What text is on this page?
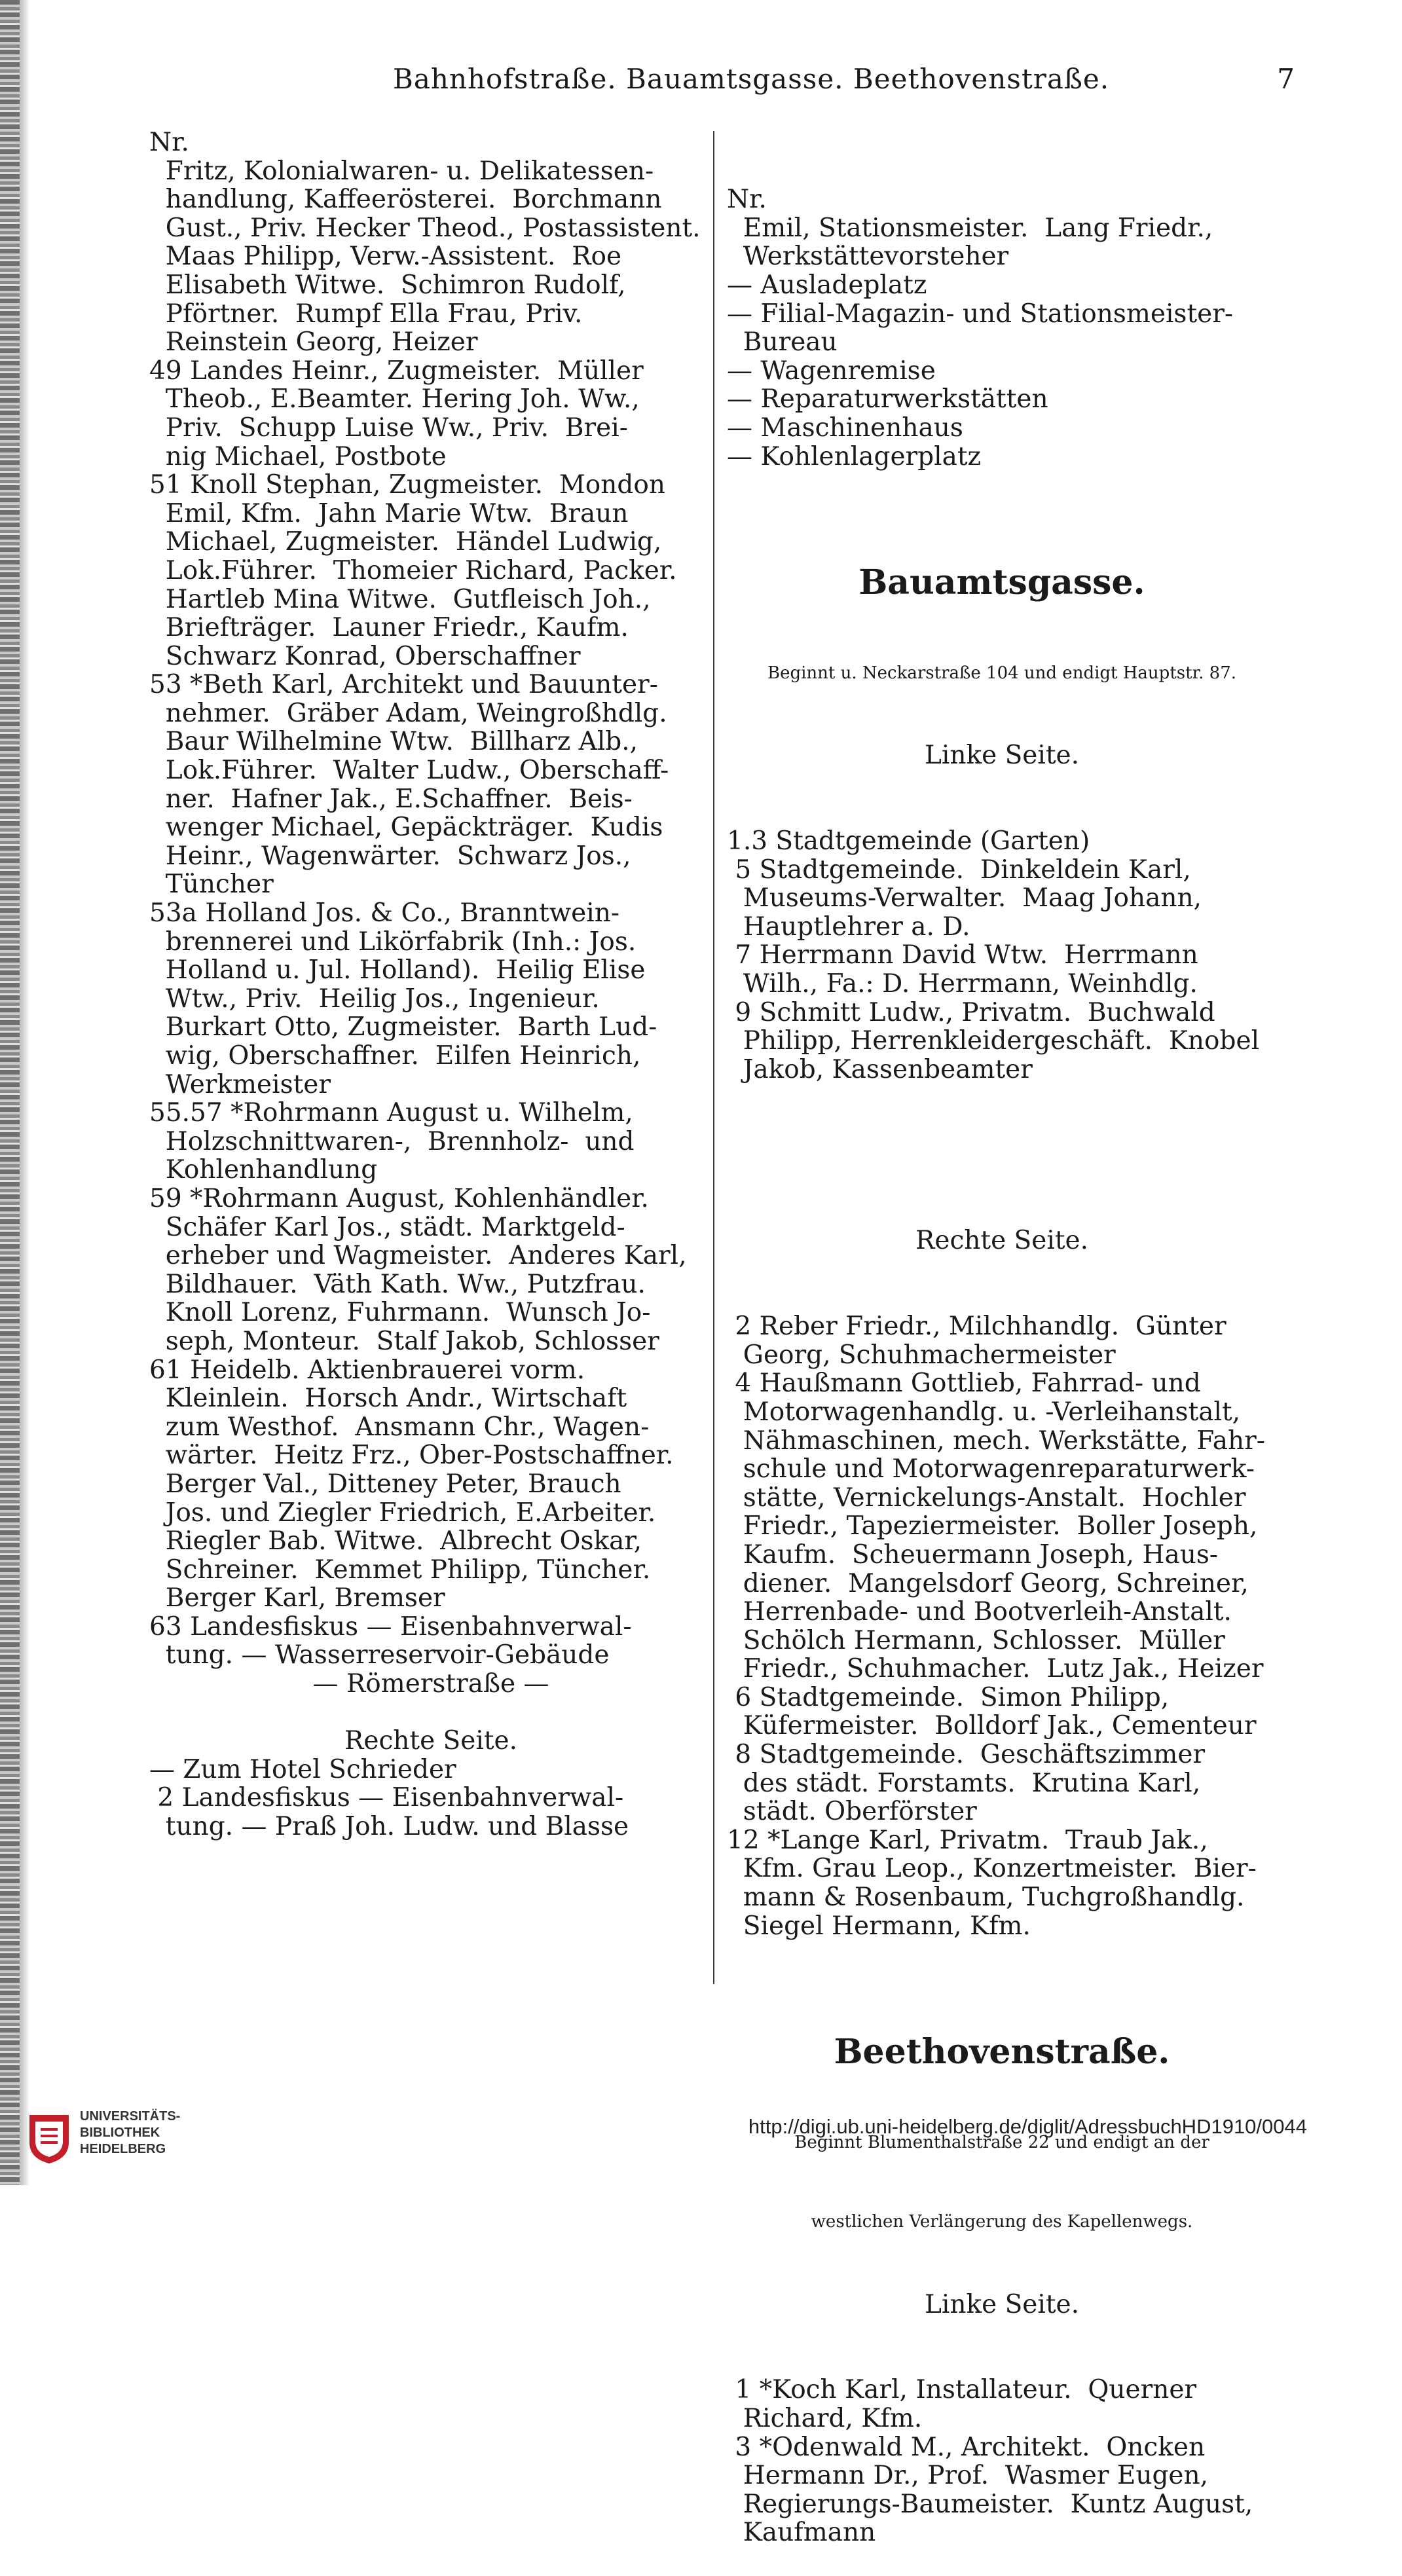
Bahnhofstraße. Bauamtsgasse. Beethovenstraße.	7
Nr.
Fritz, Kolonialwaren- u. Delikatessen-
handlung, Kaffeerösterei.  Borchmann
Gust., Priv. Hecker Theod., Postassistent.
Maas Philipp, Verw.-Assistent.  Roe
Elisabeth Witwe.  Schimron Rudolf,
Pförtner.  Rumpf Ella Frau, Priv.
Reinstein Georg, Heizer
49 Landes Heinr., Zugmeister.  Müller
Theob., E.Beamter. Hering Joh. Ww.,
Priv.  Schupp Luise Ww., Priv.  Brei-
nig Michael, Postbote
51 Knoll Stephan, Zugmeister.  Mondon
Emil, Kfm.  Jahn Marie Wtw.  Braun
Michael, Zugmeister.  Händel Ludwig,
Lok.Führer.  Thomeier Richard, Packer.
Hartleb Mina Witwe.  Gutfleisch Joh.,
Briefträger.  Launer Friedr., Kaufm.
Schwarz Konrad, Oberschaffner
53 *Beth Karl, Architekt und Bauunter-
nehmer.  Gräber Adam, Weingroßhdlg.
Baur Wilhelmine Wtw.  Billharz Alb.,
Lok.Führer.  Walter Ludw., Oberschaff-
ner.  Hafner Jak., E.Schaffner.  Beis-
wenger Michael, Gepäckträger.  Kudis
Heinr., Wagenwärter.  Schwarz Jos.,
Tüncher
53a Holland Jos. & Co., Branntwein-
brennerei und Likörfabrik (Inh.: Jos.
Holland u. Jul. Holland).  Heilig Elise
Wtw., Priv.  Heilig Jos., Ingenieur.
Burkart Otto, Zugmeister.  Barth Lud-
wig, Oberschaffner.  Eilfen Heinrich,
Werkmeister
55.57 *Rohrmann August u. Wilhelm,
Holzschnittwaren-,  Brennholz-  und
Kohlenhandlung
59 *Rohrmann August, Kohlenhändler.
Schäfer Karl Jos., städt. Marktgeld-
erheber und Wagmeister.  Anderes Karl,
Bildhauer.  Väth Kath. Ww., Putzfrau.
Knoll Lorenz, Fuhrmann.  Wunsch Jo-
seph, Monteur.  Stalf Jakob, Schlosser
61 Heidelb. Aktienbrauerei vorm.
Kleinlein.  Horsch Andr., Wirtschaft
zum Westhof.  Ansmann Chr., Wagen-
wärter.  Heitz Frz., Ober-Postschaffner.
Berger Val., Ditteney Peter, Brauch
Jos. und Ziegler Friedrich, E.Arbeiter.
Riegler Bab. Witwe.  Albrecht Oskar,
Schreiner.  Kemmet Philipp, Tüncher.
Berger Karl, Bremser
63 Landesfiskus — Eisenbahnverwal-
tung. — Wasserreservoir-Gebäude
— Römerstraße —
Rechte Seite.
— Zum Hotel Schrieder
2 Landesfiskus — Eisenbahnverwal-
tung. — Praß Joh. Ludw. und Blasse

Nr.
Emil, Stationsmeister.  Lang Friedr.,
Werkstättevorsteher
— Ausladeplatz
— Filial-Magazin- und Stationsmeister-
Bureau
— Wagenremise
— Reparaturwerkstätten
— Maschinenhaus
— Kohlenlagerplatz

Bauamtsgasse.

Beginnt u. Neckarstraße 104 und endigt Hauptstr. 87.

Linke Seite.

1.3 Stadtgemeinde (Garten)
5 Stadtgemeinde.  Dinkeldein Karl,
Museums-Verwalter.  Maag Johann,
Hauptlehrer a. D.
7 Herrmann David Wtw.  Herrmann
Wilh., Fa.: D. Herrmann, Weinhdlg.
9 Schmitt Ludw., Privatm.  Buchwald
Philipp, Herrenkleidergeschäft.  Knobel
Jakob, Kassenbeamter

Rechte Seite.

2 Reber Friedr., Milchhandlg.  Günter
Georg, Schuhmachermeister
4 Haußmann Gottlieb, Fahrrad- und
Motorwagenhandlg. u. -Verleihanstalt,
Nähmaschinen, mech. Werkstätte, Fahr-
schule und Motorwagenreparaturwerk-
stätte, Vernickelungs-Anstalt.  Hochler
Friedr., Tapeziermeister.  Boller Joseph,
Kaufm.  Scheuermann Joseph, Haus-
diener.  Mangelsdorf Georg, Schreiner,
Herrenbade- und Bootverleih-Anstalt.
Schölch Hermann, Schlosser.  Müller
Friedr., Schuhmacher.  Lutz Jak., Heizer
6 Stadtgemeinde.  Simon Philipp,
Küfermeister.  Bolldorf Jak., Cementeur
8 Stadtgemeinde.  Geschäftszimmer
des städt. Forstamts.  Krutina Karl,
städt. Oberförster
12 *Lange Karl, Privatm.  Traub Jak.,
Kfm. Grau Leop., Konzertmeister.  Bier-
mann & Rosenbaum, Tuchgroßhandlg.
Siegel Hermann, Kfm.

Beethovenstraße.

Beginnt Blumenthalstraße 22 und endigt an der

westlichen Verlängerung des Kapellenwegs.

Linke Seite.

1 *Koch Karl, Installateur.  Querner
Richard, Kfm.
3 *Odenwald M., Architekt.  Oncken
Hermann Dr., Prof.  Wasmer Eugen,
Regierungs-Baumeister.  Kuntz August,
Kaufmann

UNIVERSITÄTS-
BIBLIOTHEK
HEIDELBERG
http://digi.ub.uni-heidelberg.de/diglit/AdressbuchHD1910/0044
